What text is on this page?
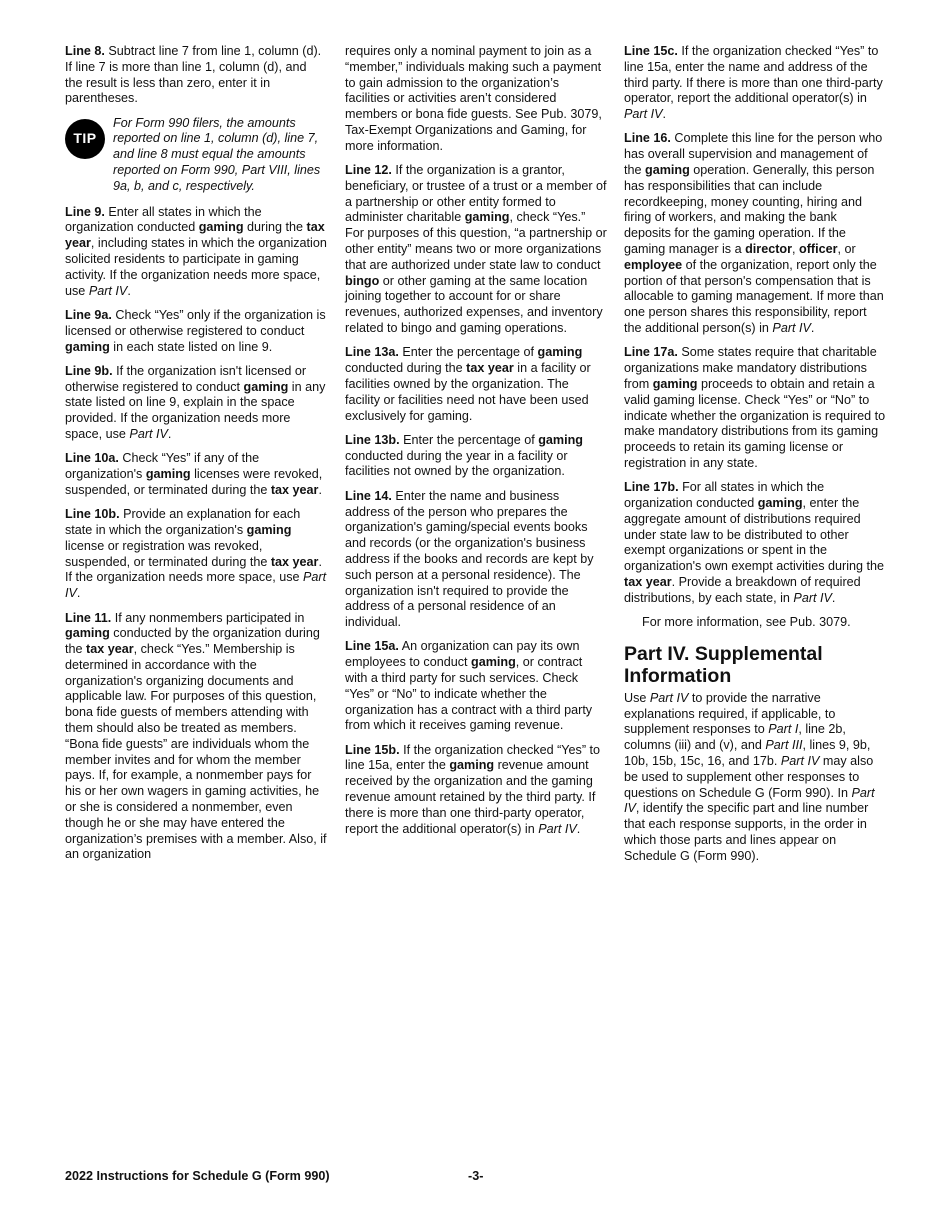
Line 8. Subtract line 7 from line 1, column (d). If line 7 is more than line 1, column (d), and the result is less than zero, enter it in parentheses.

TIP
For Form 990 filers, the amounts reported on line 1, column (d), line 7, and line 8 must equal the amounts reported on Form 990, Part VIII, lines 9a, b, and c, respectively.

Line 9. Enter all states in which the organization conducted gaming during the tax year, including states in which the organization solicited residents to participate in gaming activity. If the organization needs more space, use Part IV.

Line 9a. Check “Yes” only if the organization is licensed or otherwise registered to conduct gaming in each state listed on line 9.

Line 9b. If the organization isn't licensed or otherwise registered to conduct gaming in any state listed on line 9, explain in the space provided. If the organization needs more space, use Part IV.

Line 10a. Check “Yes” if any of the organization's gaming licenses were revoked, suspended, or terminated during the tax year.

Line 10b. Provide an explanation for each state in which the organization's gaming license or registration was revoked, suspended, or terminated during the tax year. If the organization needs more space, use Part IV.

Line 11. If any nonmembers participated in gaming conducted by the organization during the tax year, check “Yes.” Membership is determined in accordance with the organization's organizing documents and applicable law. For purposes of this question, bona fide guests of members attending with them should also be treated as members. “Bona fide guests” are individuals whom the member invites and for whom the member pays. If, for example, a nonmember pays for his or her own wagers in gaming activities, he or she is considered a nonmember, even though he or she may have entered the organization’s premises with a member. Also, if an organization

requires only a nominal payment to join as a “member,” individuals making such a payment to gain admission to the organization’s facilities or activities aren’t considered members or bona fide guests. See Pub. 3079, Tax-Exempt Organizations and Gaming, for more information.

Line 12. If the organization is a grantor, beneficiary, or trustee of a trust or a member of a partnership or other entity formed to administer charitable gaming, check “Yes.” For purposes of this question, “a partnership or other entity” means two or more organizations that are authorized under state law to conduct bingo or other gaming at the same location joining together to account for or share revenues, authorized expenses, and inventory related to bingo and gaming operations.

Line 13a. Enter the percentage of gaming conducted during the tax year in a facility or facilities owned by the organization. The facility or facilities need not have been used exclusively for gaming.

Line 13b. Enter the percentage of gaming conducted during the year in a facility or facilities not owned by the organization.

Line 14. Enter the name and business address of the person who prepares the organization's gaming/special events books and records (or the organization's business address if the books and records are kept by such person at a personal residence). The organization isn't required to provide the address of a personal residence of an individual.

Line 15a. An organization can pay its own employees to conduct gaming, or contract with a third party for such services. Check “Yes” or “No” to indicate whether the organization has a contract with a third party from which it receives gaming revenue.

Line 15b. If the organization checked “Yes” to line 15a, enter the gaming revenue amount received by the organization and the gaming revenue amount retained by the third party. If there is more than one third-party operator, report the additional operator(s) in Part IV.

Line 15c. If the organization checked “Yes” to line 15a, enter the name and address of the third party. If there is more than one third-party operator, report the additional operator(s) in Part IV.

Line 16. Complete this line for the person who has overall supervision and management of the gaming operation. Generally, this person has responsibilities that can include recordkeeping, money counting, hiring and firing of workers, and making the bank deposits for the gaming operation. If the gaming manager is a director, officer, or employee of the organization, report only the portion of that person's compensation that is allocable to gaming management. If more than one person shares this responsibility, report the additional person(s) in Part IV.

Line 17a. Some states require that charitable organizations make mandatory distributions from gaming proceeds to obtain and retain a valid gaming license. Check “Yes” or “No” to indicate whether the organization is required to make mandatory distributions from its gaming proceeds to retain its gaming license or registration in any state.

Line 17b. For all states in which the organization conducted gaming, enter the aggregate amount of distributions required under state law to be distributed to other exempt organizations or spent in the organization's own exempt activities during the tax year. Provide a breakdown of required distributions, by each state, in Part IV.

For more information, see Pub. 3079.

Part IV. Supplemental Information

Use Part IV to provide the narrative explanations required, if applicable, to supplement responses to Part I, line 2b, columns (iii) and (v), and Part III, lines 9, 9b, 10b, 15b, 15c, 16, and 17b. Part IV may also be used to supplement other responses to questions on Schedule G (Form 990). In Part IV, identify the specific part and line number that each response supports, in the order in which those parts and lines appear on Schedule G (Form 990).

2022 Instructions for Schedule G (Form 990)	-3-
